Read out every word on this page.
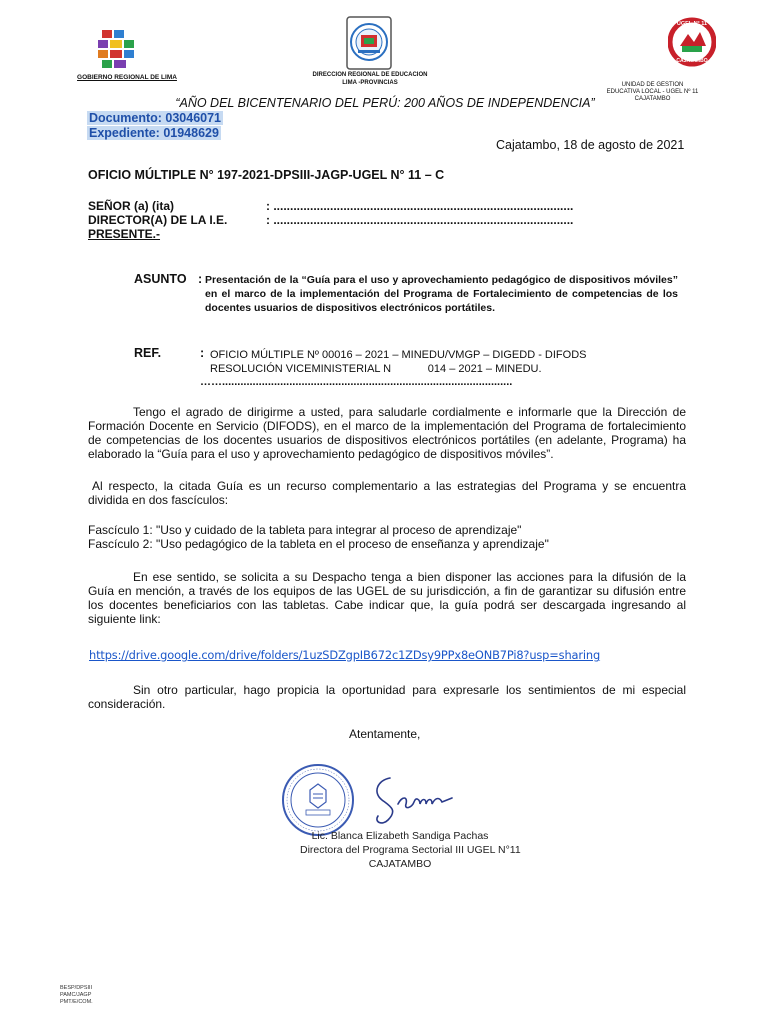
GOBIERNO REGIONAL DE LIMA	DIRECCION REGIONAL DE EDUCACION
LIMA -PROVINCIAS
UGEL N° 11
CAJATAMBO
UNIDAD DE GESTION
EDUCATIVA LOCAL - UGEL Nº 11
CAJATAMBO
“AÑO DEL BICENTENARIO DEL PERÚ: 200 AÑOS DE INDEPENDENCIA”
Documento: 03046071
Expediente: 01948629
Cajatambo, 18 de agosto de 2021
OFICIO MÚLTIPLE N° 197-2021-DPSIII-JAGP-UGEL N° 11 – C
SEÑOR (a) (ita)	: ..........................................................................................
DIRECTOR(A) DE LA I.E.	: ..........................................................................................
PRESENTE.-
ASUNTO : Presentación de la “Guía para el uso y aprovechamiento pedagógico de dispositivos móviles” en el marco de la implementación del Programa de Fortalecimiento de competencias de los docentes usuarios de dispositivos electrónicos portátiles.
REF.	: OFICIO MÚLTIPLE Nº 00016 – 2021 – MINEDU/VMGP – DIGEDD - DIFODS
RESOLUCIÓN VICEMINISTERIAL N            014 – 2021 – MINEDU.
……...............................................................................................
Tengo el agrado de dirigirme a usted, para saludarle cordialmente e informarle que la Dirección de Formación Docente en Servicio (DIFODS), en el marco de la implementación del Programa de fortalecimiento de competencias de los docentes usuarios de dispositivos electrónicos portátiles (en adelante, Programa) ha elaborado la “Guía para el uso y aprovechamiento pedagógico de dispositivos móviles”.
Al respecto, la citada Guía es un recurso complementario a las estrategias del Programa y se encuentra dividida en dos fascículos:
Fascículo 1: "Uso y cuidado de la tableta para integrar al proceso de aprendizaje"
Fascículo 2: "Uso pedagógico de la tableta en el proceso de enseñanza y aprendizaje"
En ese sentido, se solicita a su Despacho tenga a bien disponer las acciones para la difusión de la Guía en mención, a través de los equipos de las UGEL de su jurisdicción, a fin de garantizar su difusión entre los docentes beneficiarios con las tabletas. Cabe indicar que, la guía podrá ser descargada ingresando al siguiente link:
https://drive.google.com/drive/folders/1uzSDZgpIB672c1ZDsy9PPx8eONB7Pi8?usp=sharing
Sin otro particular, hago propicia la oportunidad para expresarle los sentimientos de mi especial consideración.
Atentamente,
Lic. Blanca Elizabeth Sandiga Pachas
Directora del Programa Sectorial III UGEL N°11
CAJATAMBO
BESP/DPSIII
PAMC/JAGP
PMT/E/COM.
